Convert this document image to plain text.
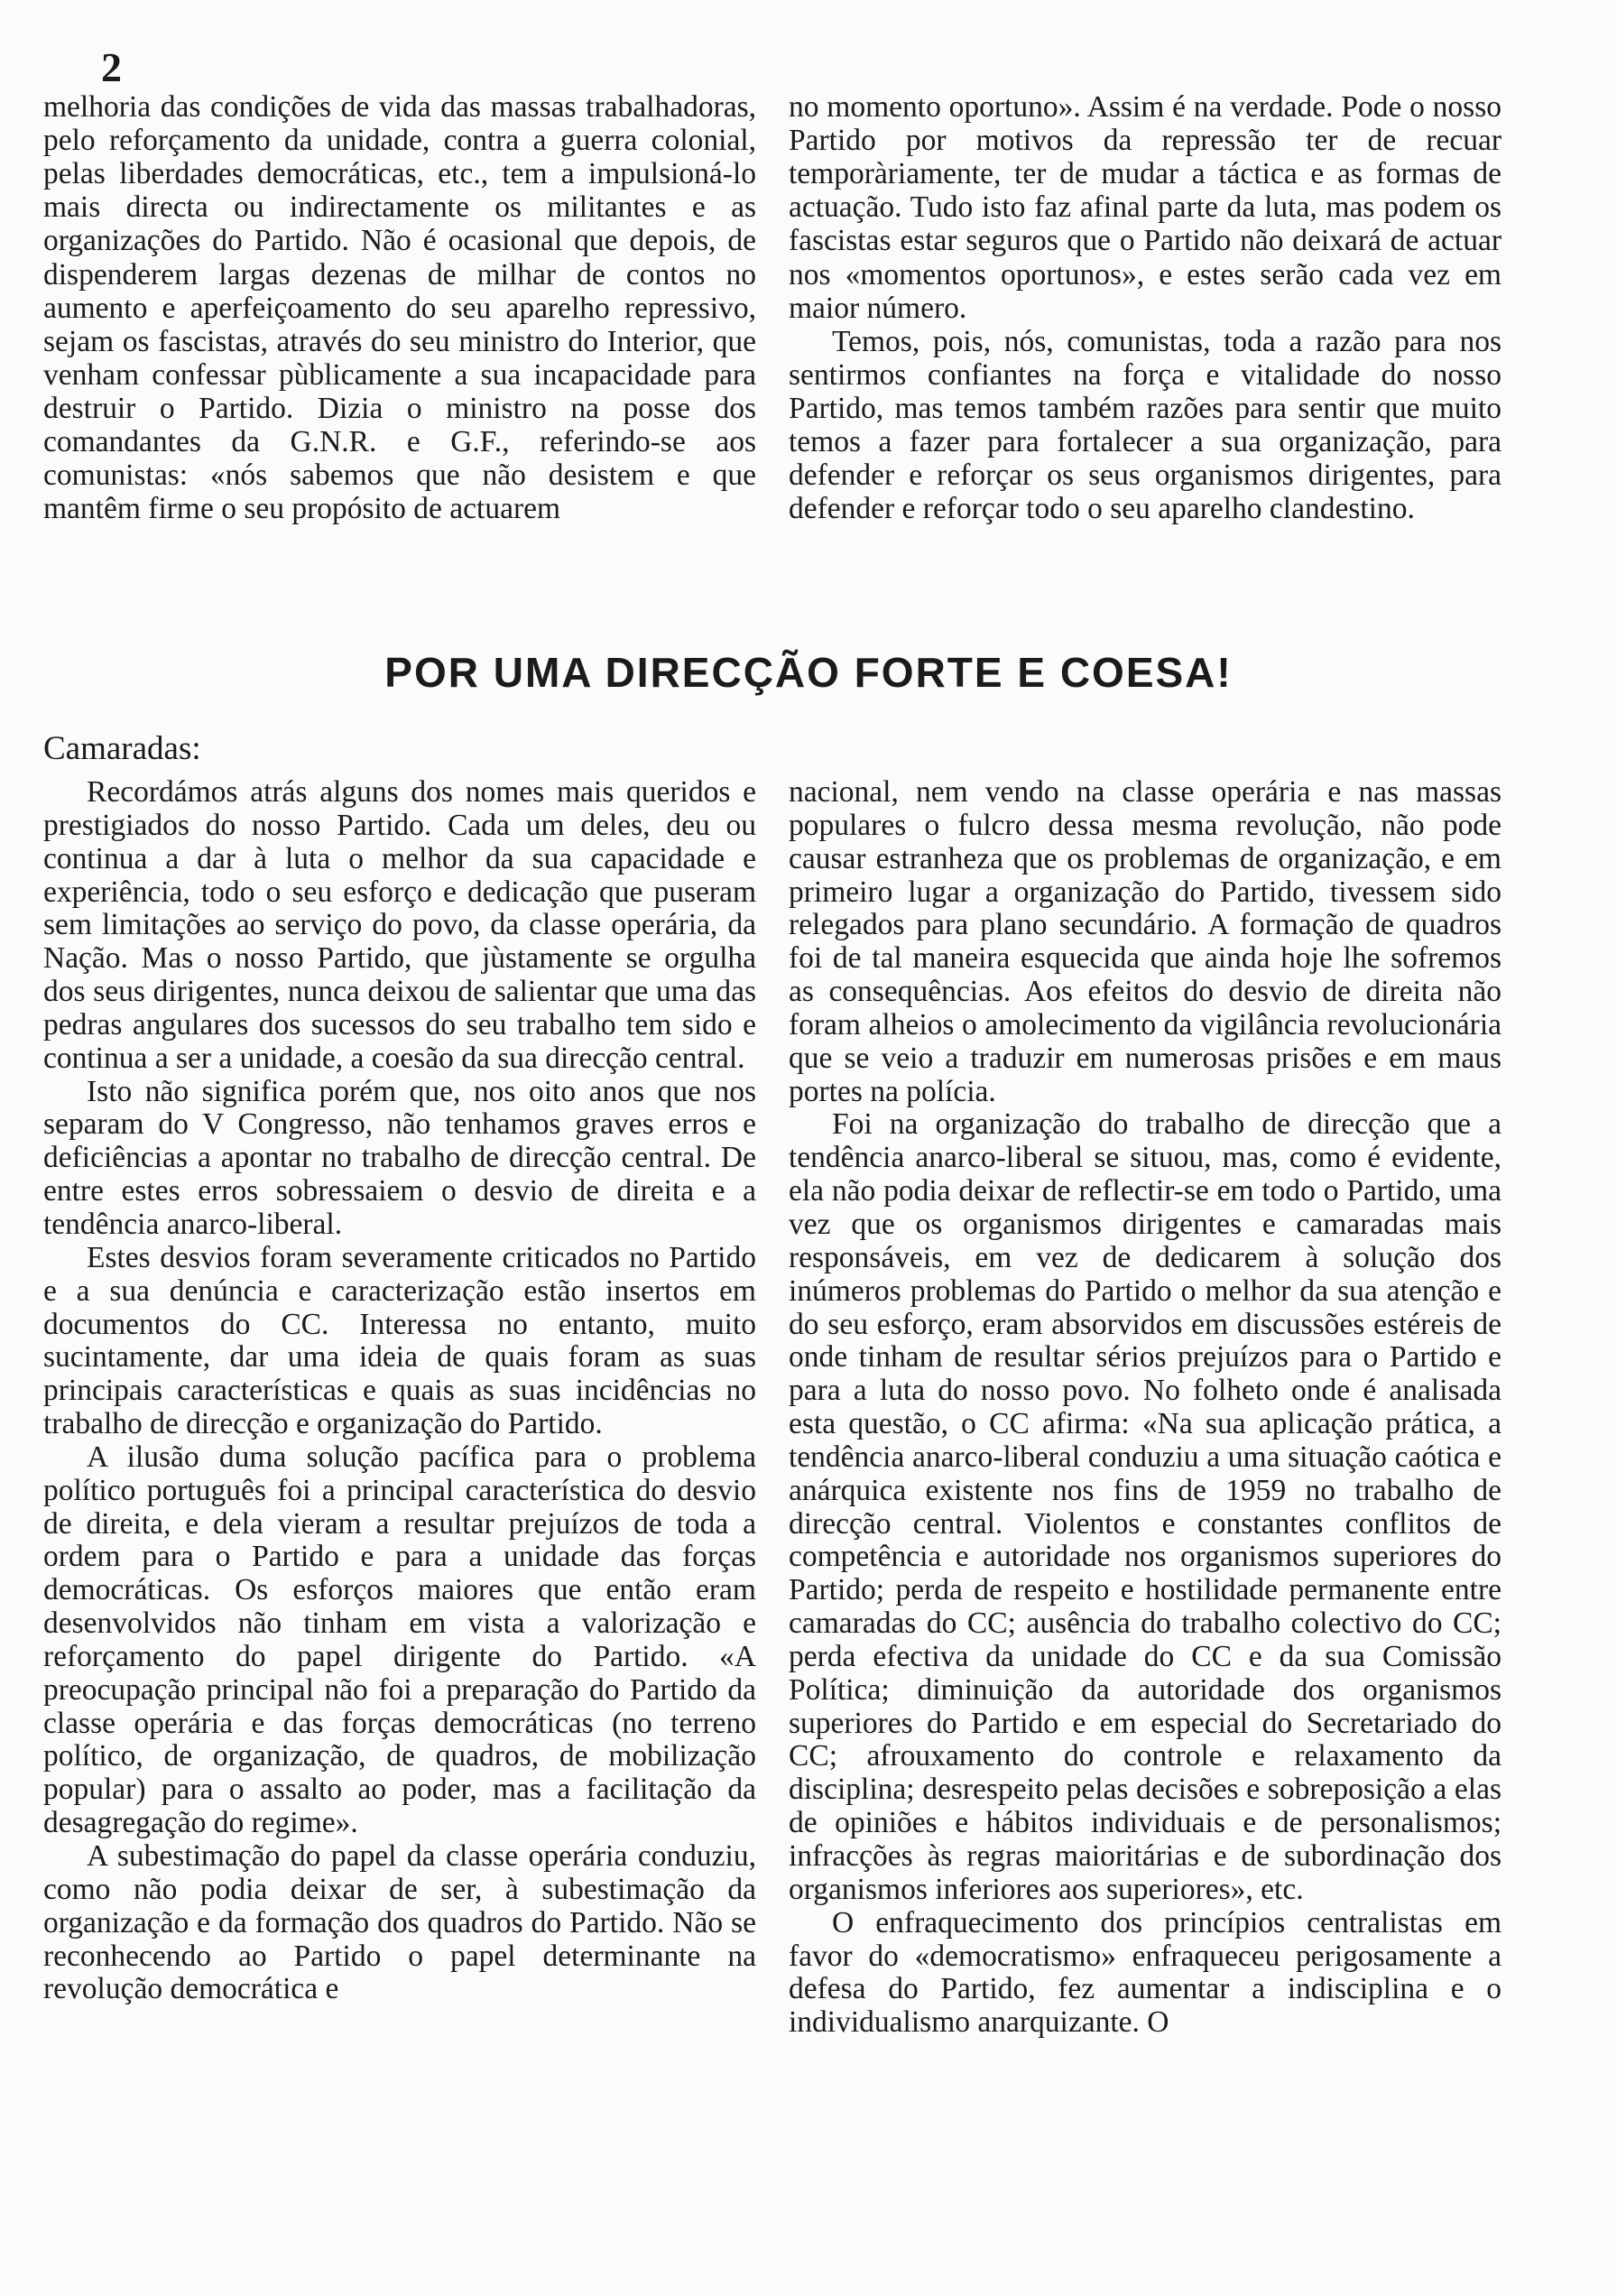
2

melhoria das condições de vida das massas trabalhadoras, pelo reforçamento da unidade, contra a guerra colonial, pelas liberdades democráticas, etc., tem a impulsioná-lo mais directa ou indirectamente os militantes e as organizações do Partido. Não é ocasional que depois, de dispenderem largas dezenas de milhar de contos no aumento e aperfeiçoamento do seu aparelho repressivo, sejam os fascistas, através do seu ministro do Interior, que venham confessar pùblicamente a sua incapacidade para destruir o Partido. Dizia o ministro na posse dos comandantes da G.N.R. e G.F., referindo-se aos comunistas: «nós sabemos que não desistem e que mantêm firme o seu propósito de actuarem

no momento oportuno». Assim é na verdade. Pode o nosso Partido por motivos da repressão ter de recuar temporàriamente, ter de mudar a táctica e as formas de actuação. Tudo isto faz afinal parte da luta, mas podem os fascistas estar seguros que o Partido não deixará de actuar nos «momentos oportunos», e estes serão cada vez em maior número.

Temos, pois, nós, comunistas, toda a razão para nos sentirmos confiantes na força e vitalidade do nosso Partido, mas temos também razões para sentir que muito temos a fazer para fortalecer a sua organização, para defender e reforçar os seus organismos dirigentes, para defender e reforçar todo o seu aparelho clandestino.

POR UMA DIRECÇÃO FORTE E COESA!
Camaradas:

Recordámos atrás alguns dos nomes mais queridos e prestigiados do nosso Partido. Cada um deles, deu ou continua a dar à luta o melhor da sua capacidade e experiência, todo o seu esforço e dedicação que puseram sem limitações ao serviço do povo, da classe operária, da Nação. Mas o nosso Partido, que jùstamente se orgulha dos seus dirigentes, nunca deixou de salientar que uma das pedras angulares dos sucessos do seu trabalho tem sido e continua a ser a unidade, a coesão da sua direcção central.

Isto não significa porém que, nos oito anos que nos separam do V Congresso, não tenhamos graves erros e deficiências a apontar no trabalho de direcção central. De entre estes erros sobressaiem o desvio de direita e a tendência anarco-liberal.

Estes desvios foram severamente criticados no Partido e a sua denúncia e caracterização estão insertos em documentos do CC. Interessa no entanto, muito sucintamente, dar uma ideia de quais foram as suas principais características e quais as suas incidências no trabalho de direcção e organização do Partido.

A ilusão duma solução pacífica para o problema político português foi a principal característica do desvio de direita, e dela vieram a resultar prejuízos de toda a ordem para o Partido e para a unidade das forças democráticas. Os esforços maiores que então eram desenvolvidos não tinham em vista a valorização e reforçamento do papel dirigente do Partido. «A preocupação principal não foi a preparação do Partido da classe operária e das forças democráticas (no terreno político, de organização, de quadros, de mobilização popular) para o assalto ao poder, mas a facilitação da desagregação do regime».

A subestimação do papel da classe operária conduziu, como não podia deixar de ser, à subestimação da organização e da formação dos quadros do Partido. Não se reconhecendo ao Partido o papel determinante na revolução democrática e

nacional, nem vendo na classe operária e nas massas populares o fulcro dessa mesma revolução, não pode causar estranheza que os problemas de organização, e em primeiro lugar a organização do Partido, tivessem sido relegados para plano secundário. A formação de quadros foi de tal maneira esquecida que ainda hoje lhe sofremos as consequências. Aos efeitos do desvio de direita não foram alheios o amolecimento da vigilância revolucionária que se veio a traduzir em numerosas prisões e em maus portes na polícia.

Foi na organização do trabalho de direcção que a tendência anarco-liberal se situou, mas, como é evidente, ela não podia deixar de reflectir-se em todo o Partido, uma vez que os organismos dirigentes e camaradas mais responsáveis, em vez de dedicarem à solução dos inúmeros problemas do Partido o melhor da sua atenção e do seu esforço, eram absorvidos em discussões estéreis de onde tinham de resultar sérios prejuízos para o Partido e para a luta do nosso povo. No folheto onde é analisada esta questão, o CC afirma: «Na sua aplicação prática, a tendência anarco-liberal conduziu a uma situação caótica e anárquica existente nos fins de 1959 no trabalho de direcção central. Violentos e constantes conflitos de competência e autoridade nos organismos superiores do Partido; perda de respeito e hostilidade permanente entre camaradas do CC; ausência do trabalho colectivo do CC; perda efectiva da unidade do CC e da sua Comissão Política; diminuição da autoridade dos organismos superiores do Partido e em especial do Secretariado do CC; afrouxamento do controle e relaxamento da disciplina; desrespeito pelas decisões e sobreposição a elas de opiniões e hábitos individuais e de personalismos; infracções às regras maioritárias e de subordinação dos organismos inferiores aos superiores», etc.

O enfraquecimento dos princípios centralistas em favor do «democratismo» enfraqueceu perigosamente a defesa do Partido, fez aumentar a indisciplina e o individualismo anarquizante. O
